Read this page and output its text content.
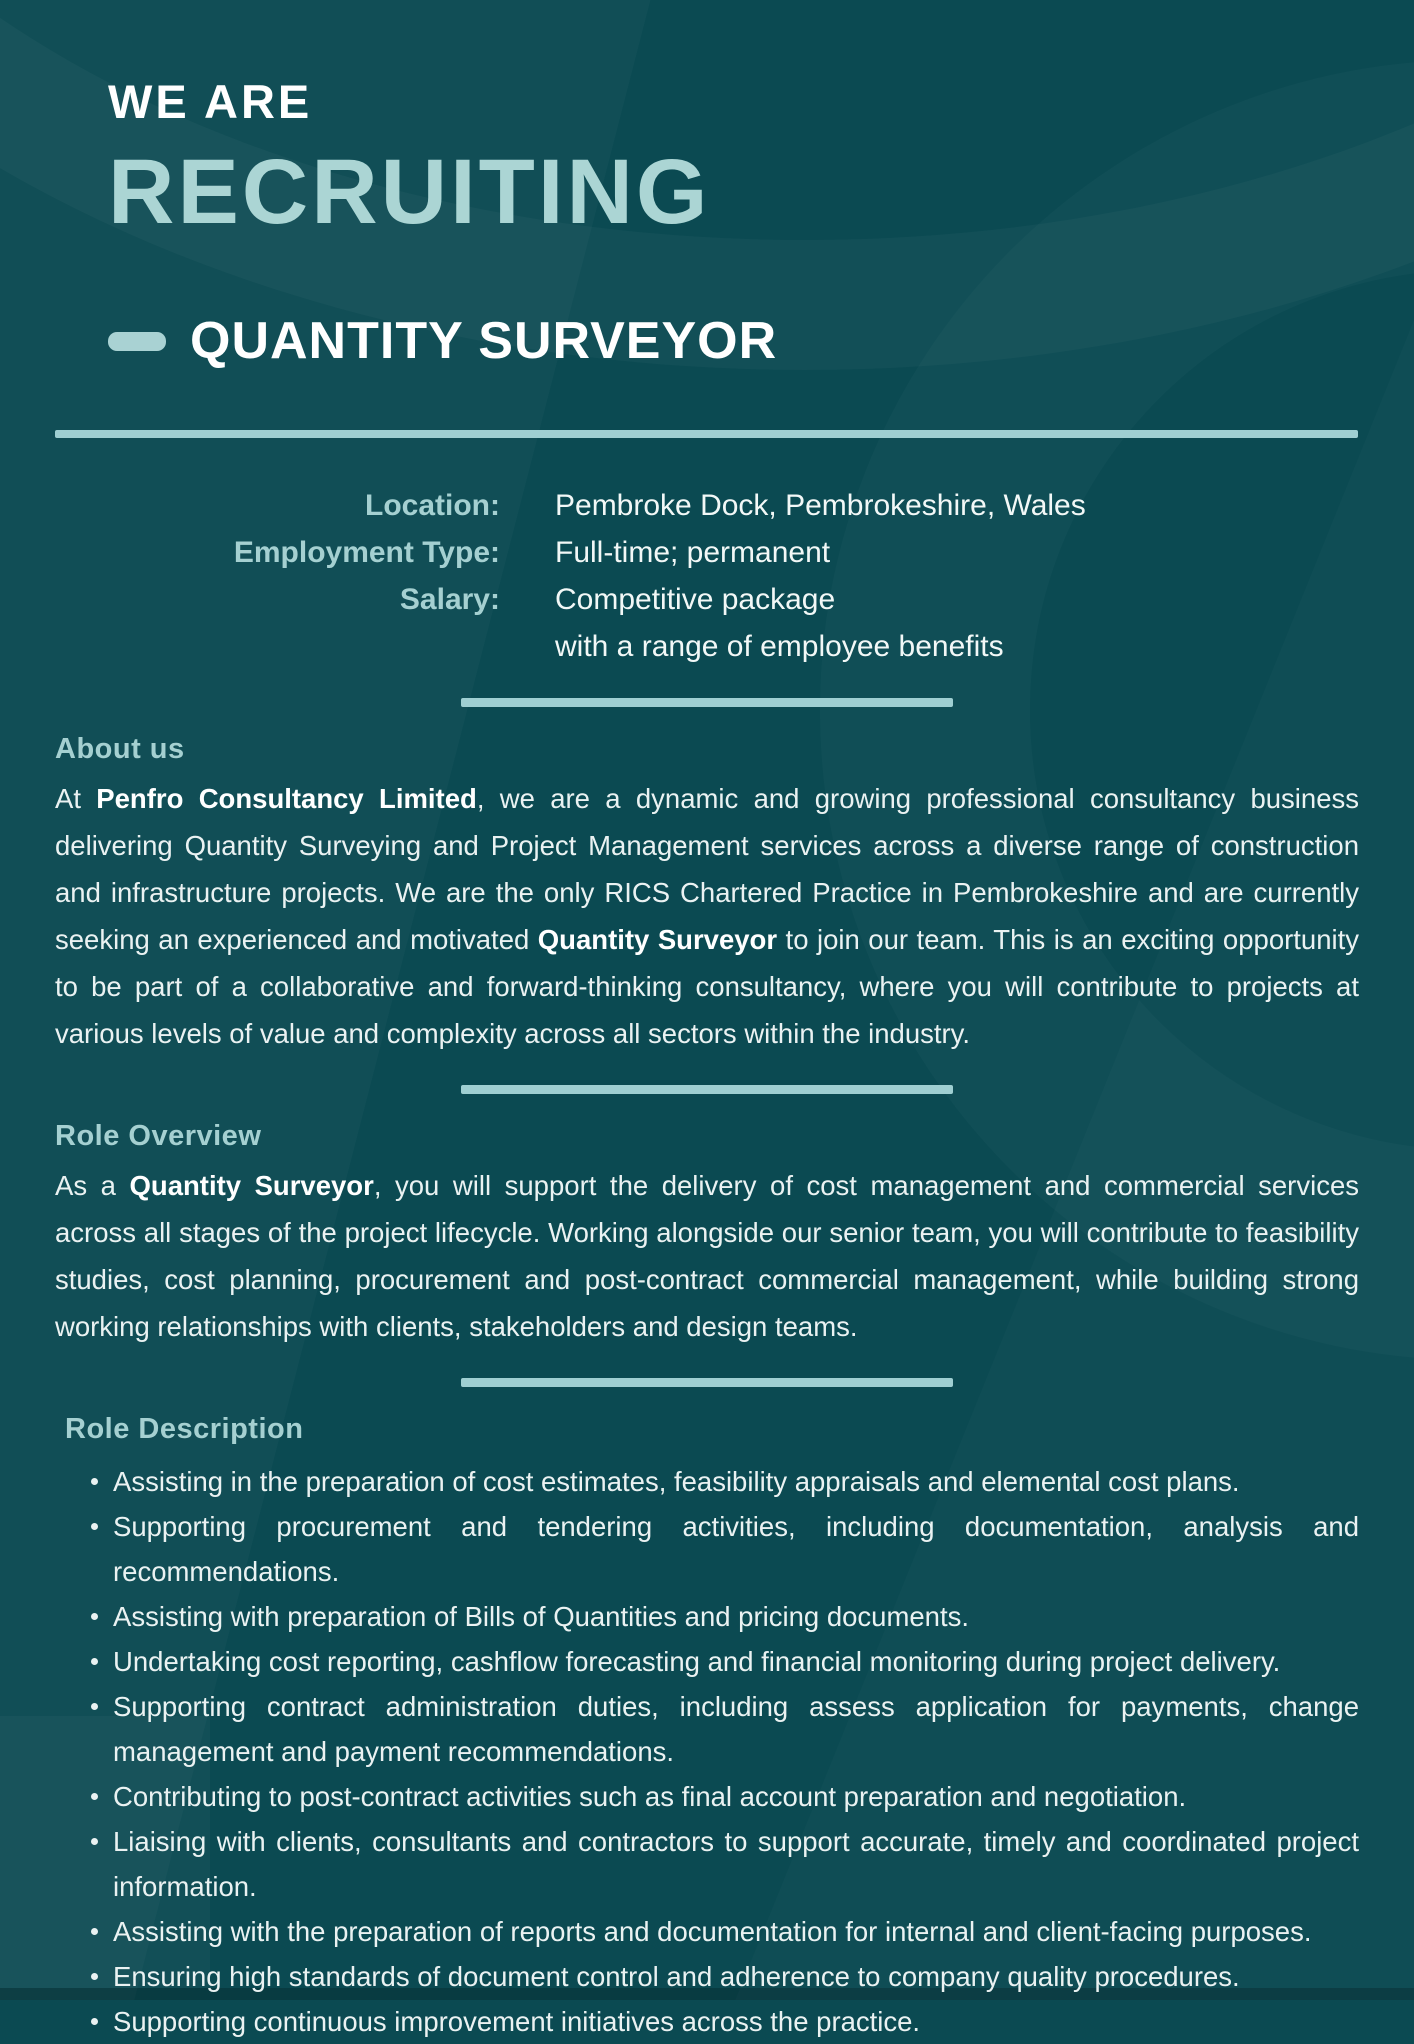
WE ARE
RECRUITING
QUANTITY SURVEYOR
Location: Pembroke Dock, Pembrokeshire, Wales
Employment Type: Full-time; permanent
Salary: Competitive package
with a range of employee benefits
About us
At Penfro Consultancy Limited, we are a dynamic and growing professional consultancy business delivering Quantity Surveying and Project Management services across a diverse range of construction and infrastructure projects. We are the only RICS Chartered Practice in Pembrokeshire and are currently seeking an experienced and motivated Quantity Surveyor to join our team. This is an exciting opportunity to be part of a collaborative and forward-thinking consultancy, where you will contribute to projects at various levels of value and complexity across all sectors within the industry.
Role Overview
As a Quantity Surveyor, you will support the delivery of cost management and commercial services across all stages of the project lifecycle. Working alongside our senior team, you will contribute to feasibility studies, cost planning, procurement and post-contract commercial management, while building strong working relationships with clients, stakeholders and design teams.
Role Description
Assisting in the preparation of cost estimates, feasibility appraisals and elemental cost plans.
Supporting procurement and tendering activities, including documentation, analysis and recommendations.
Assisting with preparation of Bills of Quantities and pricing documents.
Undertaking cost reporting, cashflow forecasting and financial monitoring during project delivery.
Supporting contract administration duties, including assess application for payments, change management and payment recommendations.
Contributing to post-contract activities such as final account preparation and negotiation.
Liaising with clients, consultants and contractors to support accurate, timely and coordinated project information.
Assisting with the preparation of reports and documentation for internal and client-facing purposes.
Ensuring high standards of document control and adherence to company quality procedures.
Supporting continuous improvement initiatives across the practice.
